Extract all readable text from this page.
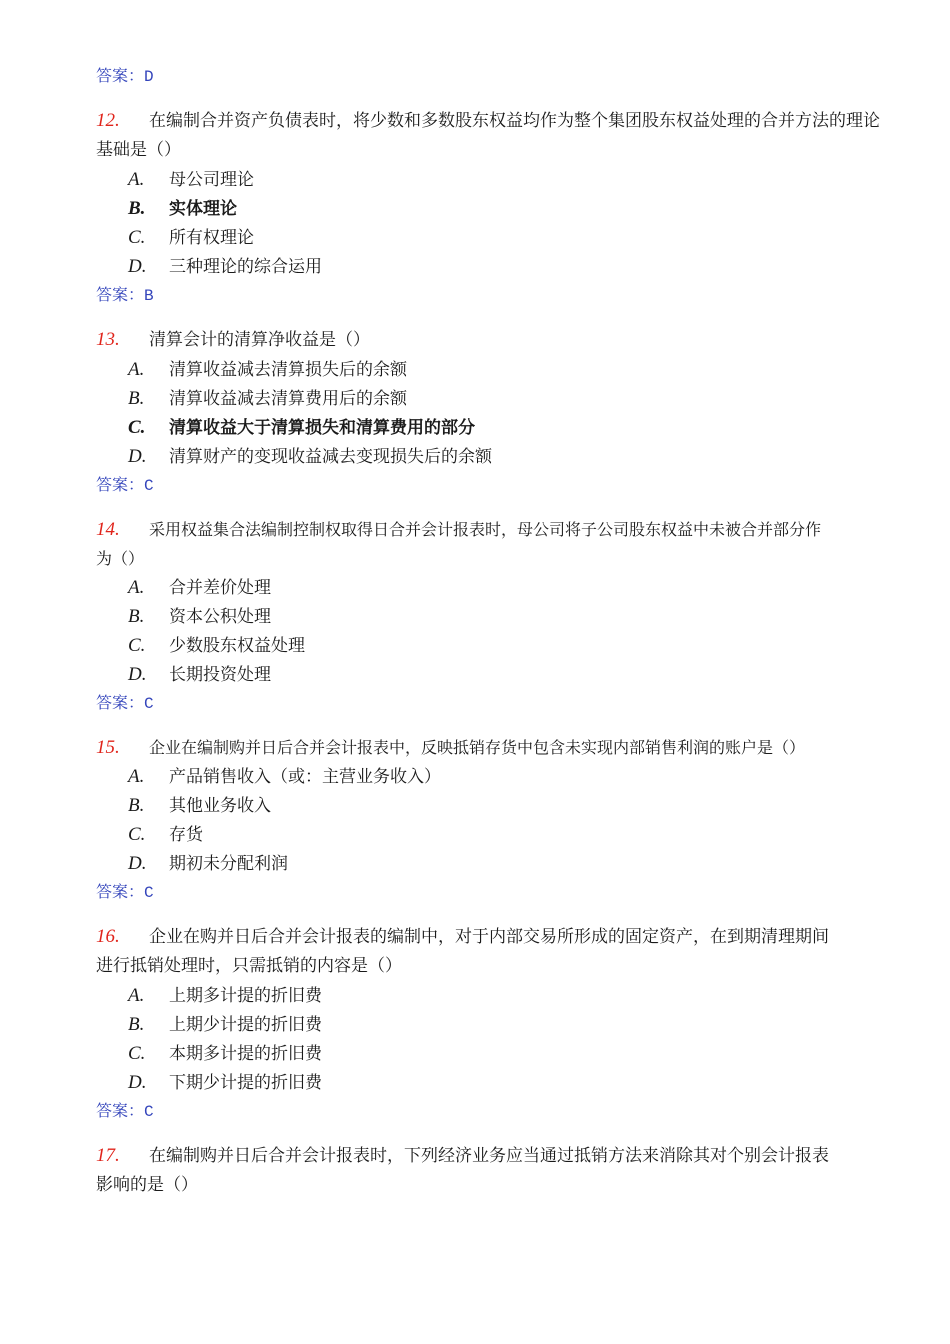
答案：D
12. 在编制合并资产负债表时，将少数和多数股东权益均作为整个集团股东权益处理的合并方法的理论基础是（）
A. 母公司理论
B. 实体理论
C. 所有权理论
D. 三种理论的综合运用
答案：B
13. 清算会计的清算净收益是（）
A. 清算收益减去清算损失后的余额
B. 清算收益减去清算费用后的余额
C. 清算收益大于清算损失和清算费用的部分
D. 清算财产的变现收益减去变现损失后的余额
答案：C
14. 采用权益集合法编制控制权取得日合并会计报表时，母公司将子公司股东权益中未被合并部分作为（）
A. 合并差价处理
B. 资本公积处理
C. 少数股东权益处理
D. 长期投资处理
答案：C
15. 企业在编制购并日后合并会计报表中，反映抵销存货中包含未实现内部销售利润的账户是（）
A. 产品销售收入（或：主营业务收入）
B. 其他业务收入
C. 存货
D. 期初未分配利润
答案：C
16. 企业在购并日后合并会计报表的编制中，对于内部交易所形成的固定资产，在到期清理期间进行抵销处理时，只需抵销的内容是（）
A. 上期多计提的折旧费
B. 上期少计提的折旧费
C. 本期多计提的折旧费
D. 下期少计提的折旧费
答案：C
17. 在编制购并日后合并会计报表时，下列经济业务应当通过抵销方法来消除其对个别会计报表影响的是（）
